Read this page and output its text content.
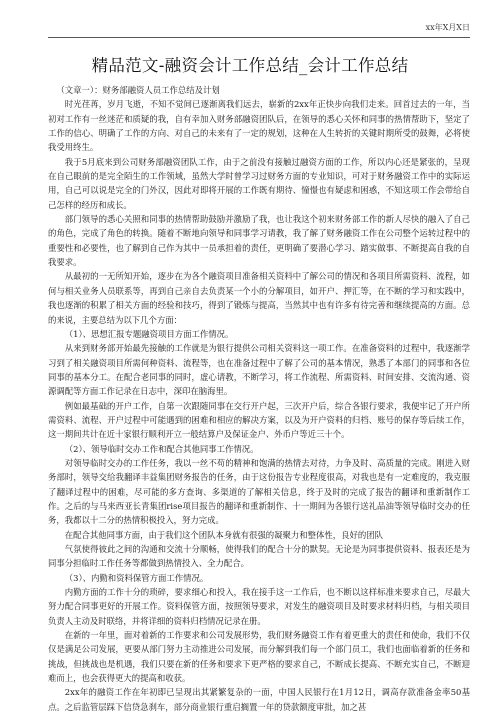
xx年X月X日
精品范文-融资会计工作总结_会计工作总结

（文章一）：财务部融资人员工作总结及计划

时光荏苒，岁月飞逝，不知不觉间已逐渐离我们远去，崭新的2xx年正快步向我们走来。回首过去的一年，当初对工作有一丝迷茫和质疑的我，自有幸加入财务部融资团队后，在领导的悉心关怀和同事的热情帮助下，坚定了工作的信心、明确了工作的方向、对自己的未来有了一定的规划，这种在人生转折的关键时期所受的鼓舞，必将使我受用终生。

我于5月底来到公司财务部融资团队工作，由于之前没有接触过融资方面的工作，所以内心还是紧张的，呈现在自己眼前的是完全陌生的工作领域，虽然大学时曾学习过财务方面的专业知识，可对于财务融资工作中的实际运用，自己可以说是完全的门外汉，因此对即将开展的工作既有期待、憧憬也有疑虑和困惑，不知这项工作会带给自己怎样的经历和成长。

部门领导的悉心关照和同事的热情帮助鼓励并激励了我，也让我这个初来财务部工作的新人尽快的融入了自己的角色，完成了角色的转换。随着不断地向领导和同事学习请教，我了解了财务融资工作在公司整个运转过程中的重要性和必要性，也了解到自己作为其中一员承担着的责任，更明确了要潜心学习、踏实做事、不断提高自我的自我要求。

从最初的一无所知开始，逐步在为各个融资项目准备相关资料中了解公司的情况和各项目所需资料、流程，如何与相关业务人员联系等，再到自己亲自去负责某一个小的分解项目，如开户、押汇等，在不断的学习和实践中，我也逐渐的积累了相关方面的经验和技巧，得到了锻炼与提高，当然其中也有许多有待完善和继续提高的方面。总的来说，主要总结为以下几个方面：

（1）、思想汇报专题融资项目方面工作情况。

从来到财务部开始最先接触的工作就是为银行提供公司相关资料这一项工作。在准备资料的过程中，我逐渐学习到了相关融资项目所需何种资料、流程等，也在准备过程中了解了公司的基本情况，熟悉了本部门的同事和各位同事的基本分工。在配合老同事的同时，虚心请教，不断学习，将工作流程、所需资料、时间安排、交流沟通、资源调配等方面工作记录在日志中，深印在脑海里。

例如最基础的开户工作，自第一次跟随同事在交行开户起，三次开户后，综合各银行要求，我便牢记了开户所需资料、流程、开户过程中可能遇到的困难和相应的解决方案，以及为开户资料的归档、账号的保存等后续工作，这一期间共计在近十家银行顺利开立一般结算户及保证金户、外币户等近三十个。

（2）、领导临时交办工作和配合其他同事工作情况。

对领导临时交办的工作任务，我以一丝不苟的精神和饱满的热情去对待，力争及时、高质量的完成。刚进入财务部时，领导交给我翻译丰益集团财务报告的任务，由于这份报告专业程度很高，对我也是有一定难度的，我克服了翻译过程中的困难，尽可能的多方查询、多渠道的了解相关信息，终于及时的完成了报告的翻译和重新制作工作。之后的与马来西亚长青集团rise项目报告的翻译和重新制作、十一期间为各银行送礼品油等领导临时交办的任务，我都以十二分的热情积极投入，努力完成。

在配合其他同事方面，由于我们这个团队本身就有很强的凝聚力和整体性，良好的团队

气氛使得彼此之间的沟通和交流十分顺畅，使得我们的配合十分的默契。无论是为同事提供资料、报表还是为同事分担临时工作任务等都做到热情投入、全力配合。

（3）、内勤和资料保管方面工作情况。

内勤方面的工作十分的琐碎，要求细心和投入，我在接手这一工作后，也不断以这样标准来要求自己，尽最大努力配合同事更好的开展工作。资料保管方面，按照领导要求，对发生的融资项目及时要求材料归档，与相关项目负责人主动及时联络，并将详细的资料归档情况记录在册。

在新的一年里，面对着新的工作要求和公司发展形势，我们财务融资工作有着更重大的责任和使命，我们不仅仅是满足公司发展，更要从部门努力主动推进公司发展，而分解到我们每一个部门员工，我们也面临着新的任务和挑战，但挑战也是机遇，我们只要在新的任务和要求下更严格的要求自己，不断成长提高、不断充实自己，不断迎难而上，也会获得更大的提高和收获。

2xx年的融资工作在年初即已呈现出其紧繁复杂的一面，中国人民银行在1月12日，调高存款准备金率50基点。之后监管层踩下信贷急刹车，部分商业银行重启搁置一年的贷款额度审批，加之甚
